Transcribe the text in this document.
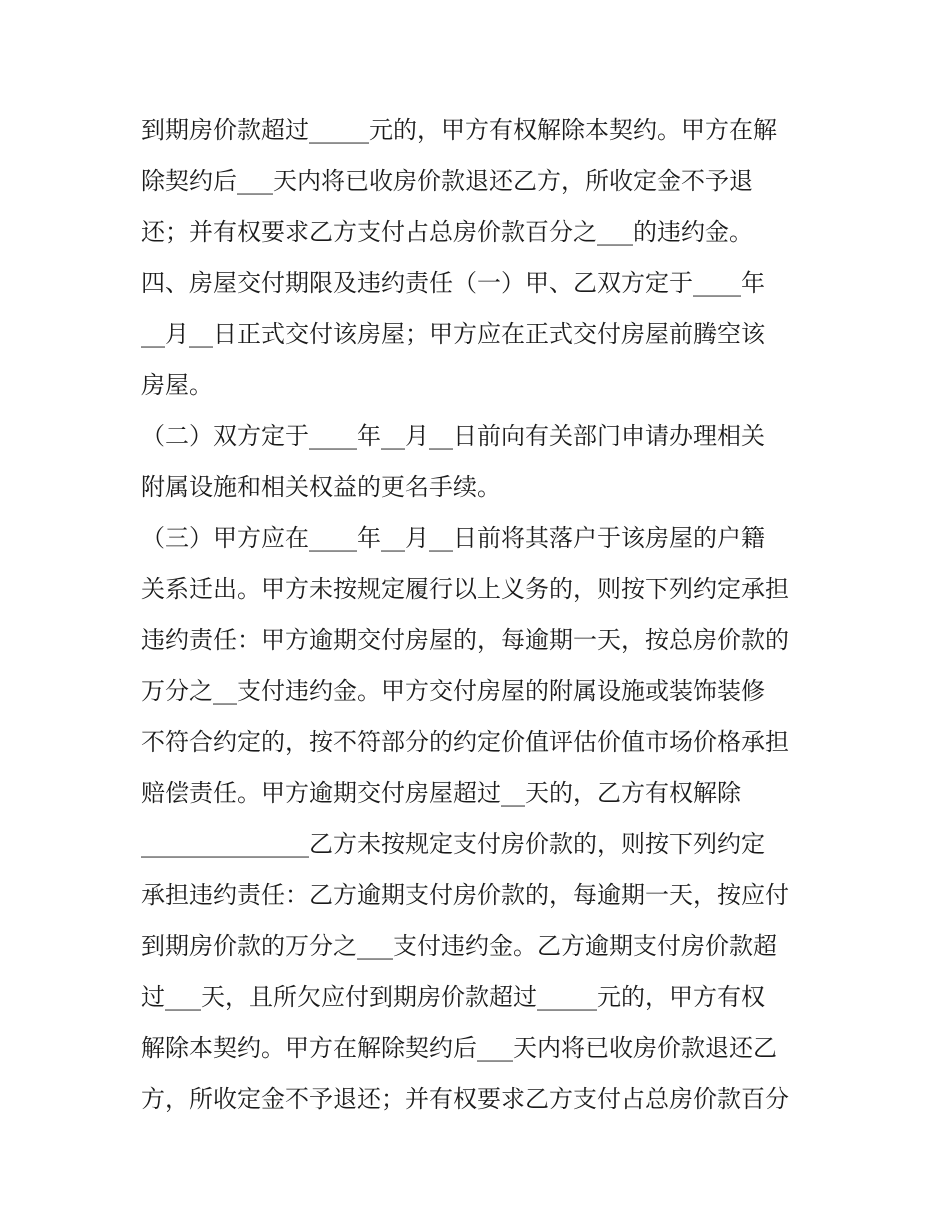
到期房价款超过_____元的，甲方有权解除本契约。甲方在解
除契约后___天内将已收房价款退还乙方，所收定金不予退
还；并有权要求乙方支付占总房价款百分之___的违约金。
四、房屋交付期限及违约责任（一）甲、乙双方定于____年
__月__日正式交付该房屋；甲方应在正式交付房屋前腾空该
房屋。
（二）双方定于____年__月__日前向有关部门申请办理相关
附属设施和相关权益的更名手续。
（三）甲方应在____年__月__日前将其落户于该房屋的户籍
关系迁出。甲方未按规定履行以上义务的，则按下列约定承担
违约责任：甲方逾期交付房屋的，每逾期一天，按总房价款的
万分之__支付违约金。甲方交付房屋的附属设施或装饰装修
不符合约定的，按不符部分的约定价值评估价值市场价格承担
赔偿责任。甲方逾期交付房屋超过__天的，乙方有权解除
______________乙方未按规定支付房价款的，则按下列约定
承担违约责任：乙方逾期支付房价款的，每逾期一天，按应付
到期房价款的万分之___支付违约金。乙方逾期支付房价款超
过___天，且所欠应付到期房价款超过_____元的，甲方有权
解除本契约。甲方在解除契约后___天内将已收房价款退还乙
方，所收定金不予退还；并有权要求乙方支付占总房价款百分
